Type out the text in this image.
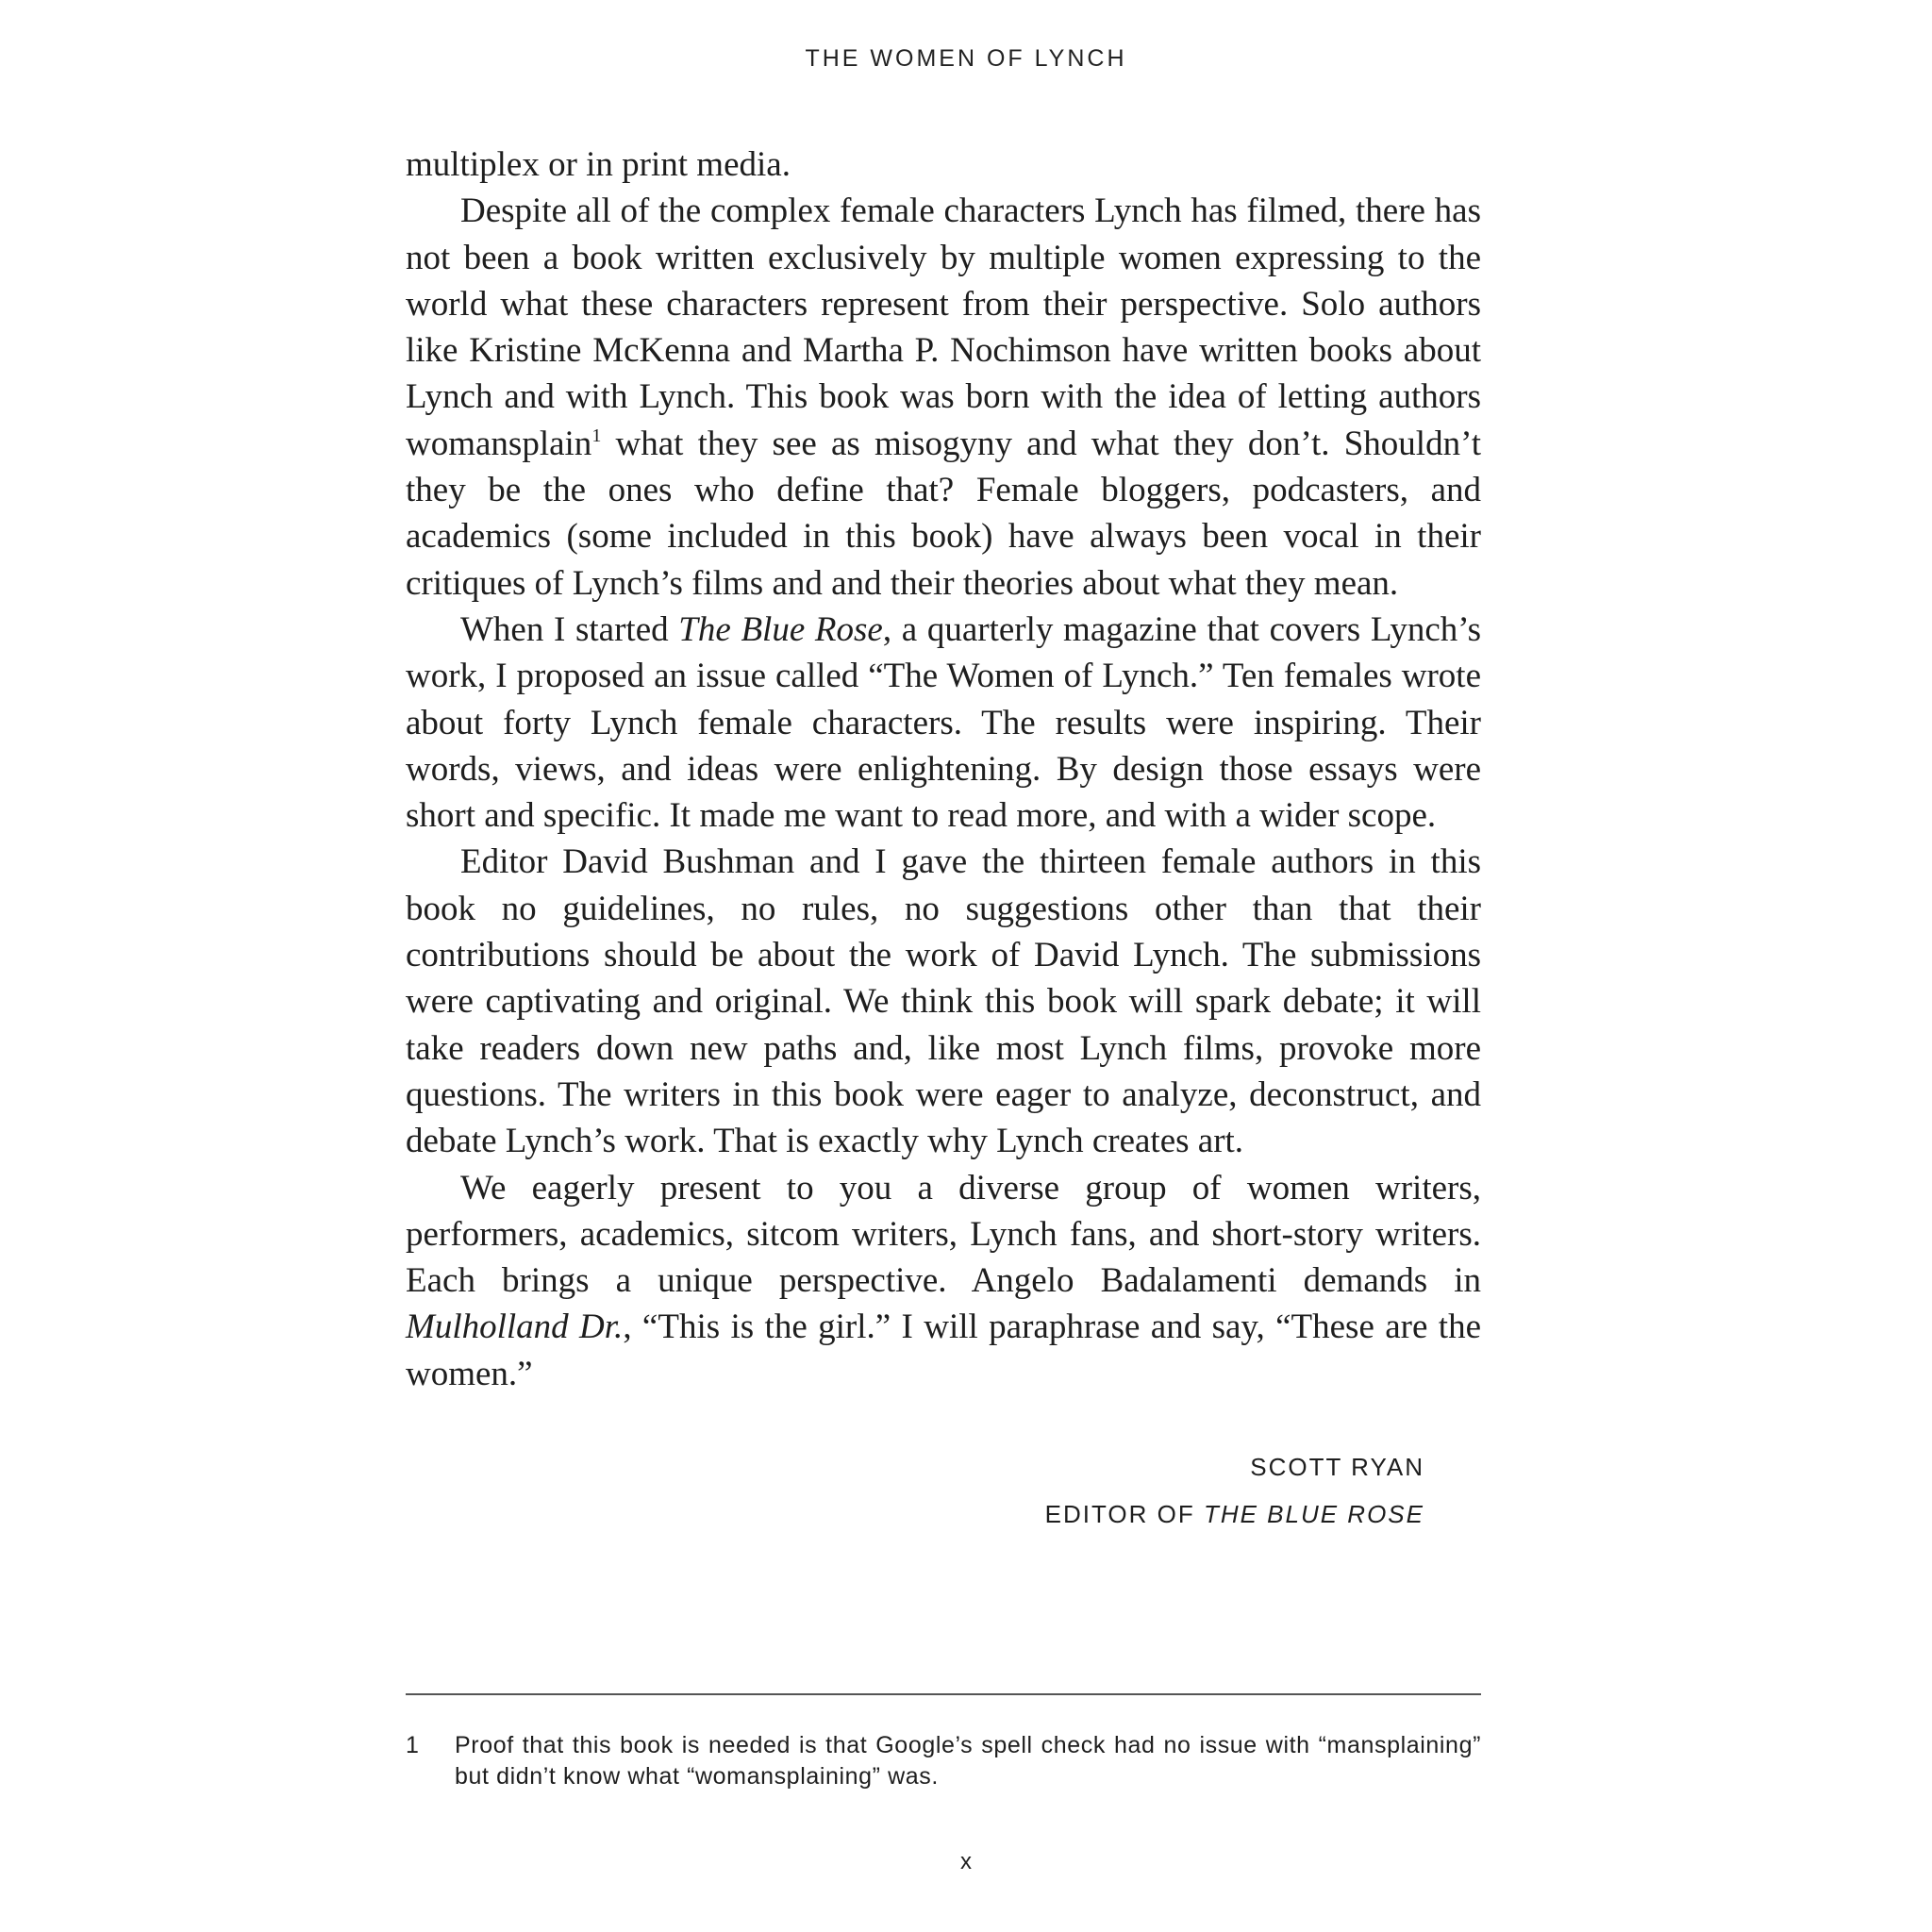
THE WOMEN OF LYNCH

multiplex or in print media.

Despite all of the complex female characters Lynch has filmed, there has not been a book written exclusively by multiple women expressing to the world what these characters represent from their perspective. Solo authors like Kristine McKenna and Martha P. Nochimson have written books about Lynch and with Lynch. This book was born with the idea of letting authors womansplain$^1$ what they see as misogyny and what they don’t. Shouldn’t they be the ones who define that? Female bloggers, podcasters, and academics (some included in this book) have always been vocal in their critiques of Lynch’s films and and their theories about what they mean.

When I started The Blue Rose, a quarterly magazine that covers Lynch’s work, I proposed an issue called “The Women of Lynch.” Ten females wrote about forty Lynch female characters. The results were inspiring. Their words, views, and ideas were enlightening. By design those essays were short and specific. It made me want to read more, and with a wider scope.

Editor David Bushman and I gave the thirteen female authors in this book no guidelines, no rules, no suggestions other than that their contributions should be about the work of David Lynch. The submissions were captivating and original. We think this book will spark debate; it will take readers down new paths and, like most Lynch films, provoke more questions. The writers in this book were eager to analyze, deconstruct, and debate Lynch’s work. That is exactly why Lynch creates art.

We eagerly present to you a diverse group of women writers, performers, academics, sitcom writers, Lynch fans, and short-story writers. Each brings a unique perspective. Angelo Badalamenti demands in Mulholland Dr., “This is the girl.” I will paraphrase and say, “These are the women.”

SCOTT RYAN
EDITOR OF THE BLUE ROSE
1 Proof that this book is needed is that Google’s spell check had no issue with “mansplaining” but didn’t know what “womansplaining” was.
x
